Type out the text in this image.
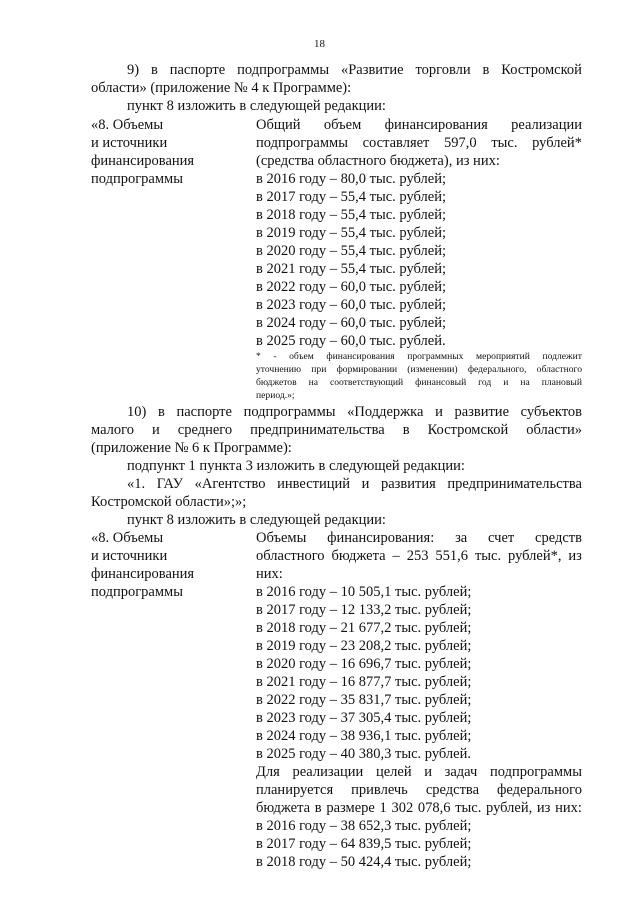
18
9) в паспорте подпрограммы «Развитие торговли в Костромской
области» (приложение № 4 к Программе):
пункт 8 изложить в следующей редакции:
«8. Объемы
и источники
финансирования
подпрограммы
Общий объем финансирования реализации
подпрограммы составляет 597,0 тыс. рублей*
(средства областного бюджета), из них:
в 2016 году – 80,0 тыс. рублей;
в 2017 году – 55,4 тыс. рублей;
в 2018 году – 55,4 тыс. рублей;
в 2019 году – 55,4 тыс. рублей;
в 2020 году – 55,4 тыс. рублей;
в 2021 году – 55,4 тыс. рублей;
в 2022 году – 60,0 тыс. рублей;
в 2023 году – 60,0 тыс. рублей;
в 2024 году – 60,0 тыс. рублей;
в 2025 году – 60,0 тыс. рублей.
* - объем финансирования программных мероприятий подлежит
уточнению при формировании (изменении) федерального, областного
бюджетов на соответствующий финансовый год и на плановый
период.»;
10) в паспорте подпрограммы «Поддержка и развитие субъектов
малого и среднего предпринимательства в Костромской области»
(приложение № 6 к Программе):
подпункт 1 пункта 3 изложить в следующей редакции:
«1. ГАУ «Агентство инвестиций и развития предпринимательства
Костромской области»;»;
пункт 8 изложить в следующей редакции:
«8. Объемы
и источники
финансирования
подпрограммы
Объемы финансирования: за счет средств
областного бюджета – 253 551,6 тыс. рублей*, из
них:
в 2016 году – 10 505,1 тыс. рублей;
в 2017 году – 12 133,2 тыс. рублей;
в 2018 году – 21 677,2 тыс. рублей;
в 2019 году – 23 208,2 тыс. рублей;
в 2020 году – 16 696,7 тыс. рублей;
в 2021 году – 16 877,7 тыс. рублей;
в 2022 году – 35 831,7 тыс. рублей;
в 2023 году – 37 305,4 тыс. рублей;
в 2024 году – 38 936,1 тыс. рублей;
в 2025 году – 40 380,3 тыс. рублей.
Для реализации целей и задач подпрограммы
планируется привлечь средства федерального
бюджета в размере 1 302 078,6 тыс. рублей, из них:
в 2016 году – 38 652,3 тыс. рублей;
в 2017 году – 64 839,5 тыс. рублей;
в 2018 году – 50 424,4 тыс. рублей;
